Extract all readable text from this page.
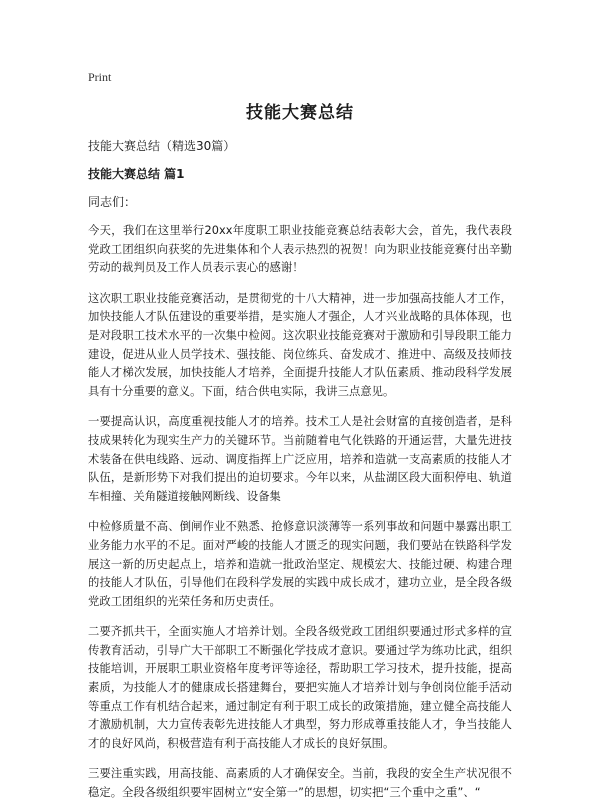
Print
技能大赛总结
技能大赛总结（精选30篇）
技能大赛总结 篇1
同志们：

今天，我们在这里举行20xx年度职工职业技能竞赛总结表彰大会，首先，我代表段党政工团组织向获奖的先进集体和个人表示热烈的祝贺！向为职业技能竞赛付出辛勤劳动的裁判员及工作人员表示衷心的感谢！

这次职工职业技能竞赛活动，是贯彻党的十八大精神，进一步加强高技能人才工作，加快技能人才队伍建设的重要举措，是实施人才强企，人才兴业战略的具体体现，也是对段职工技术水平的一次集中检阅。这次职业技能竞赛对于激励和引导段职工能力建设，促进从业人员学技术、强技能、岗位练兵、奋发成才、推进中、高级及技师技能人才梯次发展，加快技能人才培养，全面提升技能人才队伍素质、推动段科学发展具有十分重要的意义。下面，结合供电实际，我讲三点意见。

一要提高认识，高度重视技能人才的培养。技术工人是社会财富的直接创造者，是科技成果转化为现实生产力的关键环节。当前随着电气化铁路的开通运营，大量先进技术装备在供电线路、远动、调度指挥上广泛应用，培养和造就一支高素质的技能人才队伍，是新形势下对我们提出的迫切要求。今年以来，从盐湖区段大面积停电、轨道车相撞、关角隧道接触网断线、设备集

中检修质量不高、倒闸作业不熟悉、抢修意识淡薄等一系列事故和问题中暴露出职工业务能力水平的不足。面对严峻的技能人才匮乏的现实问题，我们要站在铁路科学发展这一新的历史起点上，培养和造就一批政治坚定、规模宏大、技能过硬、构建合理的技能人才队伍，引导他们在段科学发展的实践中成长成才，建功立业，是全段各级党政工团组织的光荣任务和历史责任。

二要齐抓共干，全面实施人才培养计划。全段各级党政工团组织要通过形式多样的宣传教育活动，引导广大干部职工不断强化学技成才意识。要通过学为练功比武，组织技能培训，开展职工职业资格年度考评等途径，帮助职工学习技术，提升技能，提高素质，为技能人才的健康成长搭建舞台，要把实施人才培养计划与争创岗位能手活动等重点工作有机结合起来，通过制定有利于职工成长的政策措施，建立健全高技能人才激励机制，大力宣传表彰先进技能人才典型，努力形成尊重技能人才，争当技能人才的良好风尚，积极营造有利于高技能人才成长的良好氛围。

三要注重实践，用高技能、高素质的人才确保安全。当前，我段的安全生产状况很不稳定。全段各级组织要牢固树立“安全第一”的思想，切实把“三个重中之重”、“
